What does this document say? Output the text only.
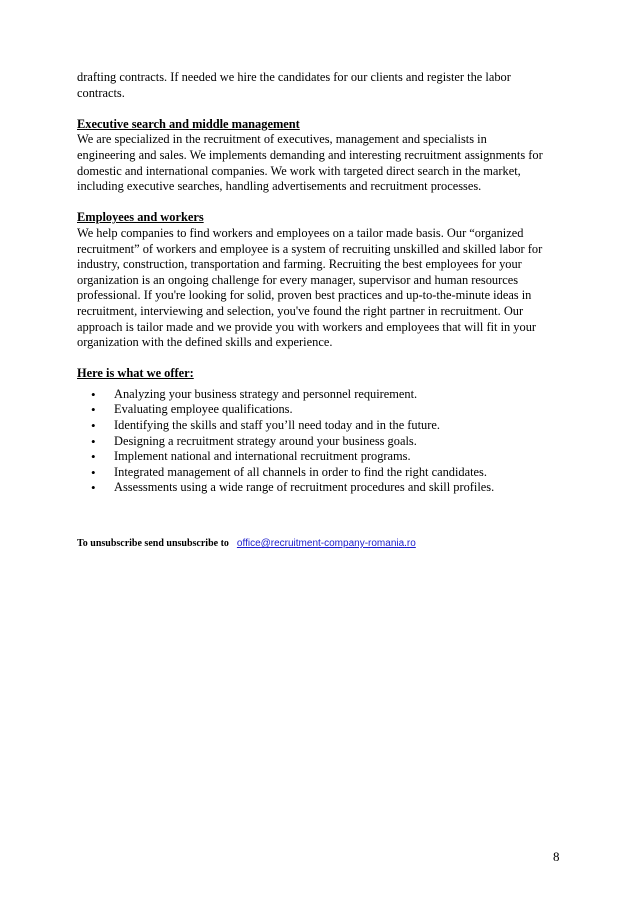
drafting contracts. If needed we hire the candidates for our clients and register the labor
contracts.
Executive search and middle management
We are specialized in the recruitment of executives, management and specialists in
engineering and sales. We implements demanding and interesting recruitment assignments for
domestic and international companies. We work with targeted direct search in the market,
including executive searches, handling advertisements and recruitment processes.
Employees and workers
We help companies to find workers and employees on a tailor made basis. Our “organized
recruitment” of workers and employee is a system of recruiting unskilled and skilled labor for
industry, construction, transportation and farming. Recruiting the best employees for your
organization is an ongoing challenge for every manager, supervisor and human resources
professional. If you're looking for solid, proven best practices and up-to-the-minute ideas in
recruitment, interviewing and selection, you've found the right partner in recruitment. Our
approach is tailor made and we provide you with workers and employees that will fit in your
organization with the defined skills and experience.
Here is what we offer:
• Analyzing your business strategy and personnel requirement.
• Evaluating employee qualifications.
• Identifying the skills and staff you’ll need today and in the future.
• Designing a recruitment strategy around your business goals.
• Implement national and international recruitment programs.
• Integrated management of all channels in order to find the right candidates.
• Assessments using a wide range of recruitment procedures and skill profiles.
To unsubscribe send unsubscribe to office@recruitment-company-romania.ro
8
